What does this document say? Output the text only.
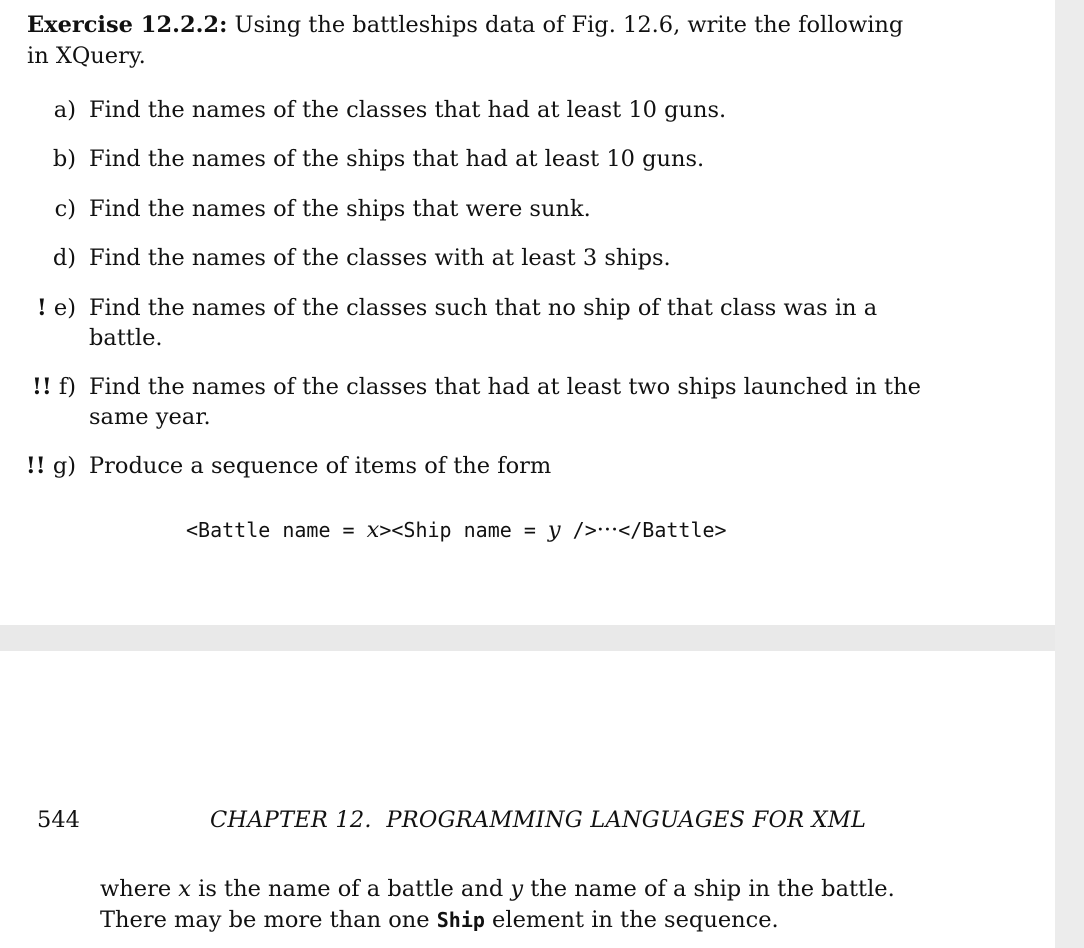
Exercise 12.2.2: Using the battleships data of Fig. 12.6, write the following
in XQuery.
a) Find the names of the classes that had at least 10 guns.
b) Find the names of the ships that had at least 10 guns.
c) Find the names of the ships that were sunk.
d) Find the names of the classes with at least 3 ships.
! e) Find the names of the classes such that no ship of that class was in a
battle.
!! f) Find the names of the classes that had at least two ships launched in the
same year.
!! g) Produce a sequence of items of the form
<Battle name = x><Ship name = y />···</Battle>
544	CHAPTER 12.  PROGRAMMING LANGUAGES FOR XML
where x is the name of a battle and y the name of a ship in the battle.
There may be more than one Ship element in the sequence.
